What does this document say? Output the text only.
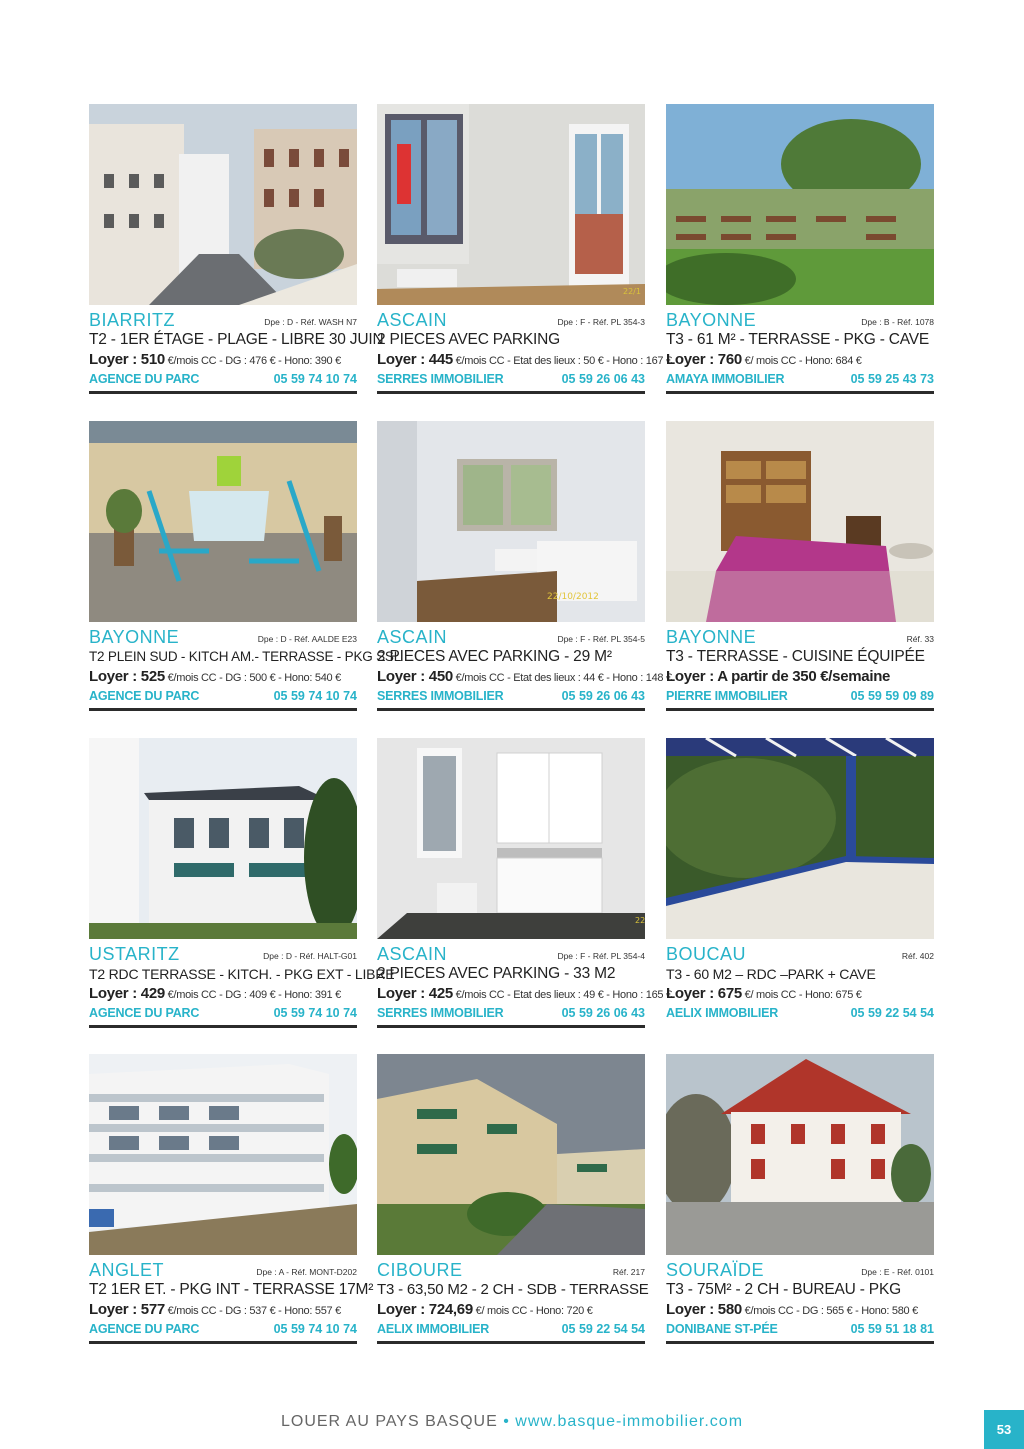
BIARRITZ	Dpe : D - Réf. WASH N7
T2 - 1ER ÉTAGE - PLAGE - LIBRE 30 JUIN
Loyer : 510 €/mois CC - DG : 476 € - Hono: 390 €
AGENCE DU PARC	05 59 74 10 74
22/1
ASCAIN	Dpe : F - Réf. PL 354-3
2 PIECES AVEC PARKING
Loyer : 445 €/mois CC - Etat des lieux : 50 € - Hono : 167 €
SERRES IMMOBILIER	05 59 26 06 43
BAYONNE	Dpe : B - Réf. 1078
T3 - 61 M² - TERRASSE - PKG - CAVE
Loyer : 760 €/ mois CC - Hono: 684 €
AMAYA IMMOBILIER	05 59 25 43 73
BAYONNE	Dpe : D - Réf. AALDE E23
T2 PLEIN SUD - KITCH AM.- TERRASSE - PKG SSL
Loyer : 525 €/mois CC - DG : 500 € - Hono: 540 €
AGENCE DU PARC	05 59 74 10 74
22/10/2012
ASCAIN	Dpe : F - Réf. PL 354-5
2 PIECES AVEC PARKING - 29 M²
Loyer : 450 €/mois CC - Etat des lieux : 44 € - Hono : 148 €
SERRES IMMOBILIER	05 59 26 06 43
BAYONNE	Réf. 33
T3 - TERRASSE - CUISINE ÉQUIPÉE
Loyer : A partir de 350 €/semaine
PIERRE IMMOBILIER	05 59 59 09 89
USTARITZ	Dpe : D - Réf. HALT-G01
T2 RDC TERRASSE - KITCH. - PKG EXT - LIBRE
Loyer : 429 €/mois CC - DG : 409 € - Hono: 391 €
AGENCE DU PARC	05 59 74 10 74
22
ASCAIN	Dpe : F - Réf. PL 354-4
2 PIECES AVEC PARKING - 33 M2
Loyer : 425 €/mois CC - Etat des lieux : 49 € - Hono : 165 €
SERRES IMMOBILIER	05 59 26 06 43
BOUCAU	Réf. 402
T3 - 60 M2 – RDC –PARK + CAVE
Loyer : 675 €/ mois CC - Hono: 675 €
AELIX IMMOBILIER	05 59 22 54 54
ANGLET	Dpe : A - Réf. MONT-D202
T2 1ER ET. - PKG INT - TERRASSE 17M²
Loyer : 577 €/mois CC - DG : 537 € - Hono: 557 €
AGENCE DU PARC	05 59 74 10 74
CIBOURE	Réf. 217
T3 - 63,50 M2 - 2 CH - SDB - TERRASSE
Loyer : 724,69 €/ mois CC - Hono: 720 €
AELIX IMMOBILIER	05 59 22 54 54
SOURAÏDE	Dpe : E - Réf. 0101
T3 - 75M² - 2 CH - BUREAU - PKG
Loyer : 580 €/mois CC - DG : 565 € - Hono: 580 €
DONIBANE ST-PÉE	05 59 51 18 81
LOUER AU PAYS BASQUE • www.basque-immobilier.com	53
